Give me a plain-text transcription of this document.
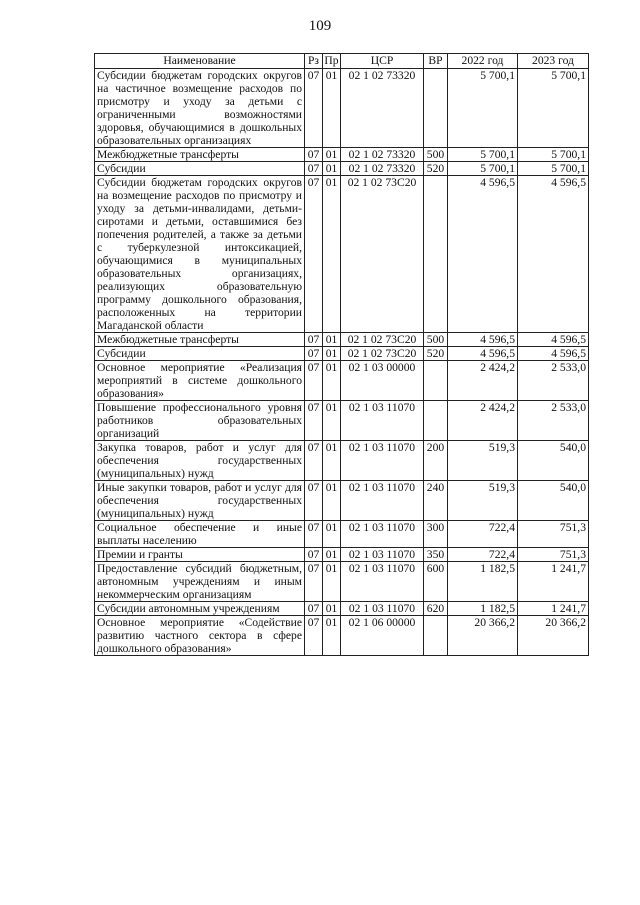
109
Наименование	Рз	Пр	ЦСР	ВР	2022 год	2023 год
Субсидии бюджетам городских округов на частичное возмещение расходов по присмотру и уходу за детьми с ограниченными возможностями здоровья, обучающимися в дошкольных образовательных организациях	07	01	02 1 02 73320		5 700,1	5 700,1
Межбюджетные трансферты	07	01	02 1 02 73320	500	5 700,1	5 700,1
Субсидии	07	01	02 1 02 73320	520	5 700,1	5 700,1
Субсидии бюджетам городских округов на возмещение расходов по присмотру и уходу за детьми-инвалидами, детьми-сиротами и детьми, оставшимися без попечения родителей, а также за детьми с туберкулезной интоксикацией, обучающимися в муниципальных образовательных организациях, реализующих образовательную программу дошкольного образования, расположенных на территории Магаданской области	07	01	02 1 02 73С20		4 596,5	4 596,5
Межбюджетные трансферты	07	01	02 1 02 73С20	500	4 596,5	4 596,5
Субсидии	07	01	02 1 02 73С20	520	4 596,5	4 596,5
Основное мероприятие «Реализация мероприятий в системе дошкольного образования»	07	01	02 1 03 00000		2 424,2	2 533,0
Повышение профессионального уровня работников образовательных организаций	07	01	02 1 03 11070		2 424,2	2 533,0
Закупка товаров, работ и услуг для обеспечения государственных (муниципальных) нужд	07	01	02 1 03 11070	200	519,3	540,0
Иные закупки товаров, работ и услуг для обеспечения государственных (муниципальных) нужд	07	01	02 1 03 11070	240	519,3	540,0
Социальное обеспечение и иные выплаты населению	07	01	02 1 03 11070	300	722,4	751,3
Премии и гранты	07	01	02 1 03 11070	350	722,4	751,3
Предоставление субсидий бюджетным, автономным учреждениям и иным некоммерческим организациям	07	01	02 1 03 11070	600	1 182,5	1 241,7
Субсидии автономным учреждениям	07	01	02 1 03 11070	620	1 182,5	1 241,7
Основное мероприятие «Содействие развитию частного сектора в сфере дошкольного образования»	07	01	02 1 06 00000		20 366,2	20 366,2
